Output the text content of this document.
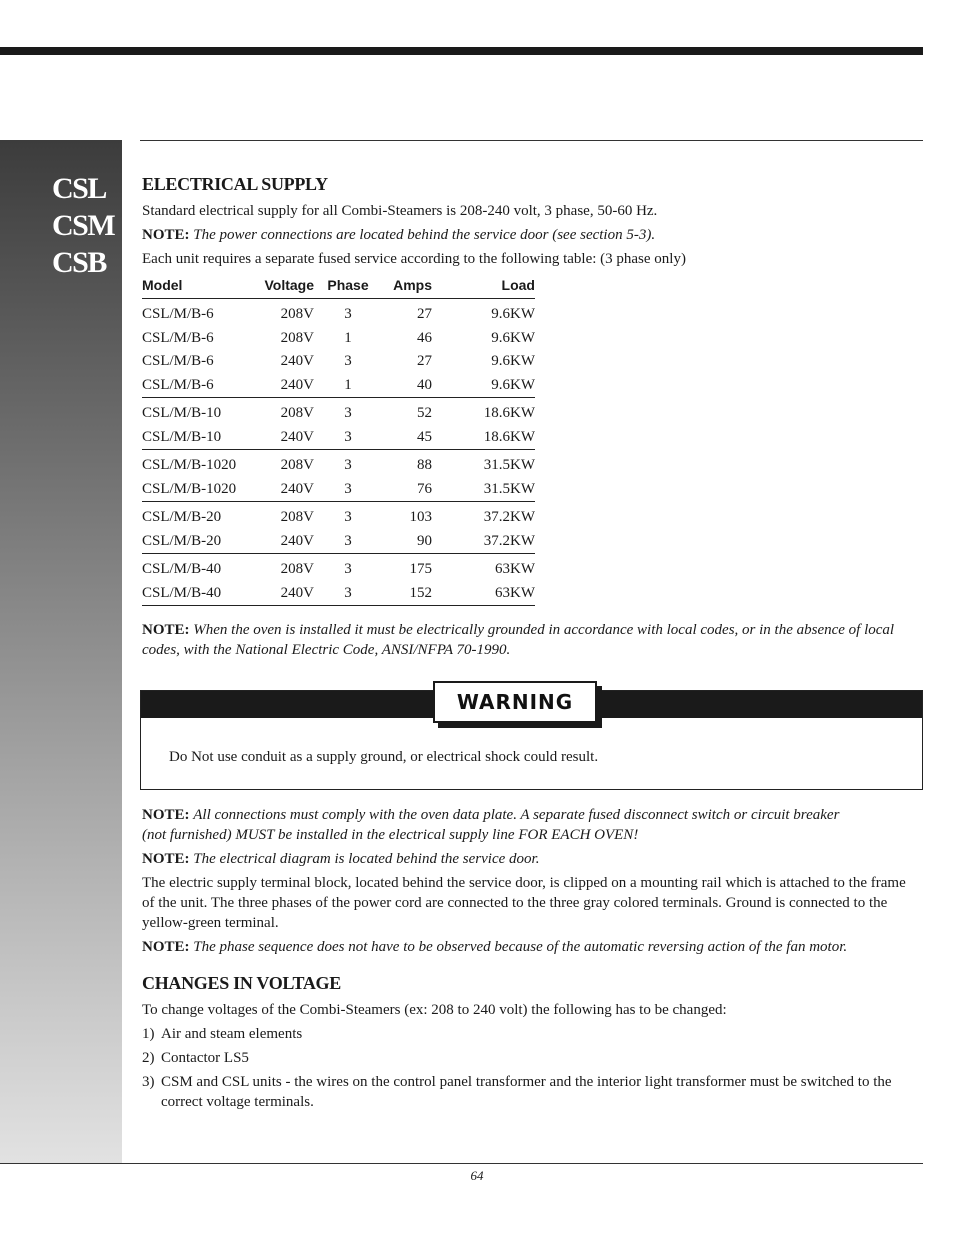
CSL
CSM
CSB
ELECTRICAL SUPPLY

Standard electrical supply for all Combi-Steamers is 208-240 volt, 3 phase, 50-60 Hz.

NOTE: The power connections are located behind the service door (see section 5-3).

Each unit requires a separate fused service according to the following table: (3 phase only)

Model	Voltage	Phase	Amps	Load
CSL/M/B-6	208V	3	27	9.6KW
CSL/M/B-6	208V	1	46	9.6KW
CSL/M/B-6	240V	3	27	9.6KW
CSL/M/B-6	240V	1	40	9.6KW
CSL/M/B-10	208V	3	52	18.6KW
CSL/M/B-10	240V	3	45	18.6KW
CSL/M/B-1020	208V	3	88	31.5KW
CSL/M/B-1020	240V	3	76	31.5KW
CSL/M/B-20	208V	3	103	37.2KW
CSL/M/B-20	240V	3	90	37.2KW
CSL/M/B-40	208V	3	175	63KW
CSL/M/B-40	240V	3	152	63KW

NOTE: When the oven is installed it must be electrically grounded in accordance with local codes, or in the absence of local codes, with the National Electric Code, ANSI/NFPA 70-1990.

WARNING

Do Not use conduit as a supply ground, or electrical shock could result.

NOTE: All connections must comply with the oven data plate. A separate fused disconnect switch or circuit breaker
(not furnished) MUST be installed in the electrical supply line FOR EACH OVEN!

NOTE: The electrical diagram is located behind the service door.

The electric supply terminal block, located behind the service door, is clipped on a mounting rail which is attached to the frame of the unit. The three phases of the power cord are connected to the three gray colored terminals. Ground is connected to the yellow-green terminal.

NOTE: The phase sequence does not have to be observed because of the automatic reversing action of the fan motor.

CHANGES IN VOLTAGE

To change voltages of the Combi-Steamers (ex: 208 to 240 volt) the following has to be changed:

1) Air and steam elements
2) Contactor LS5
3) CSM and CSL units - the wires on the control panel transformer and the interior light transformer must be switched to the correct voltage terminals.
64
